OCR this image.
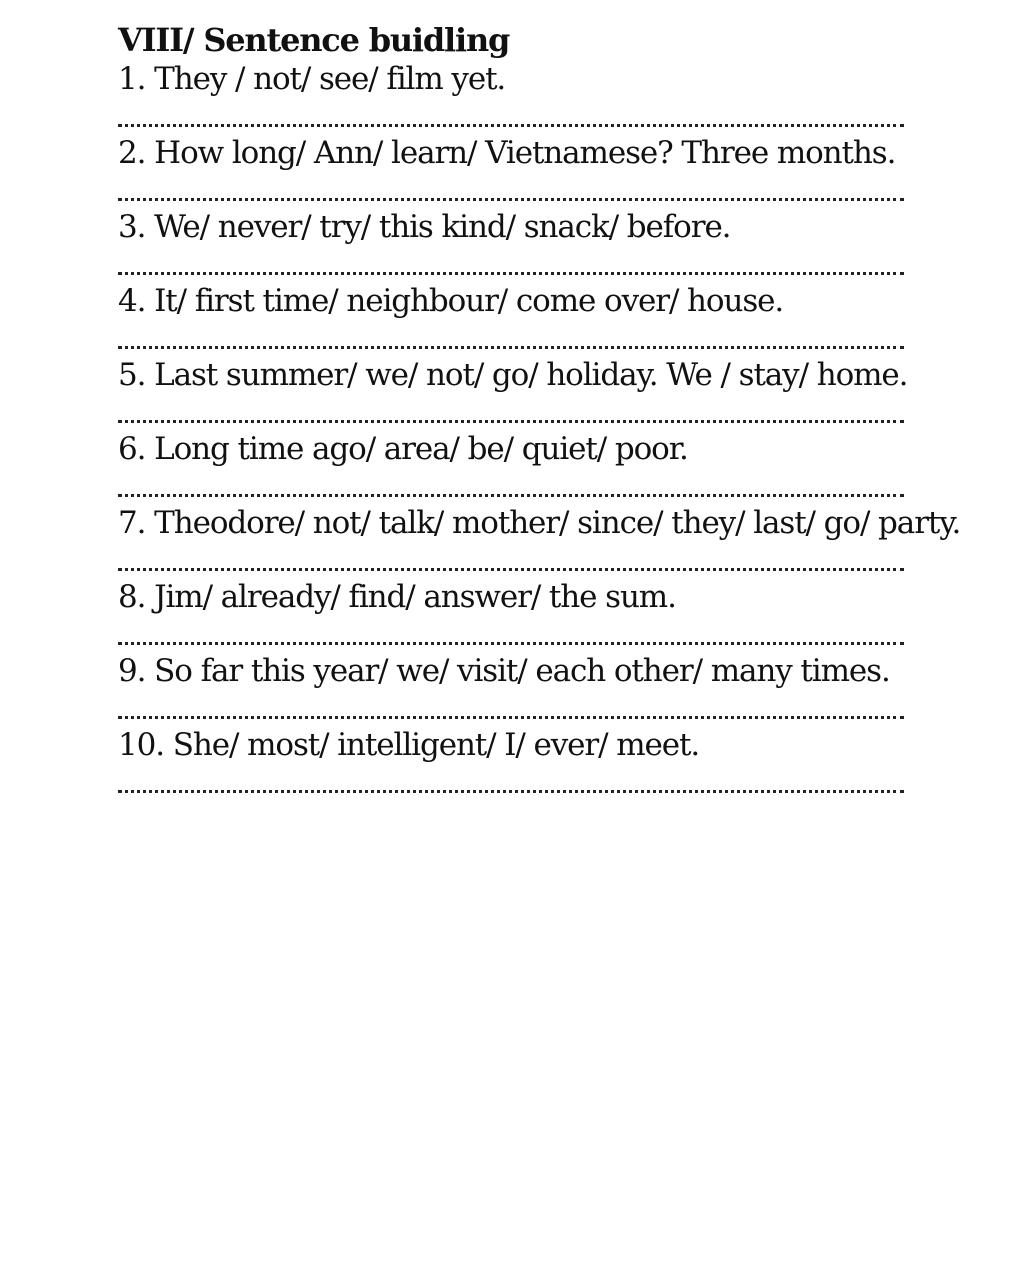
VIII/ Sentence buidling
1. They / not/ see/ film yet.
2. How long/ Ann/ learn/ Vietnamese? Three months.
3. We/ never/ try/ this kind/ snack/ before.
4. It/ first time/ neighbour/ come over/ house.
5. Last summer/ we/ not/ go/ holiday. We / stay/ home.
6. Long time ago/ area/ be/ quiet/ poor.
7. Theodore/ not/ talk/ mother/ since/ they/ last/ go/ party.
8. Jim/ already/ find/ answer/ the sum.
9. So far this year/ we/ visit/ each other/ many times.
10. She/ most/ intelligent/ I/ ever/ meet.
